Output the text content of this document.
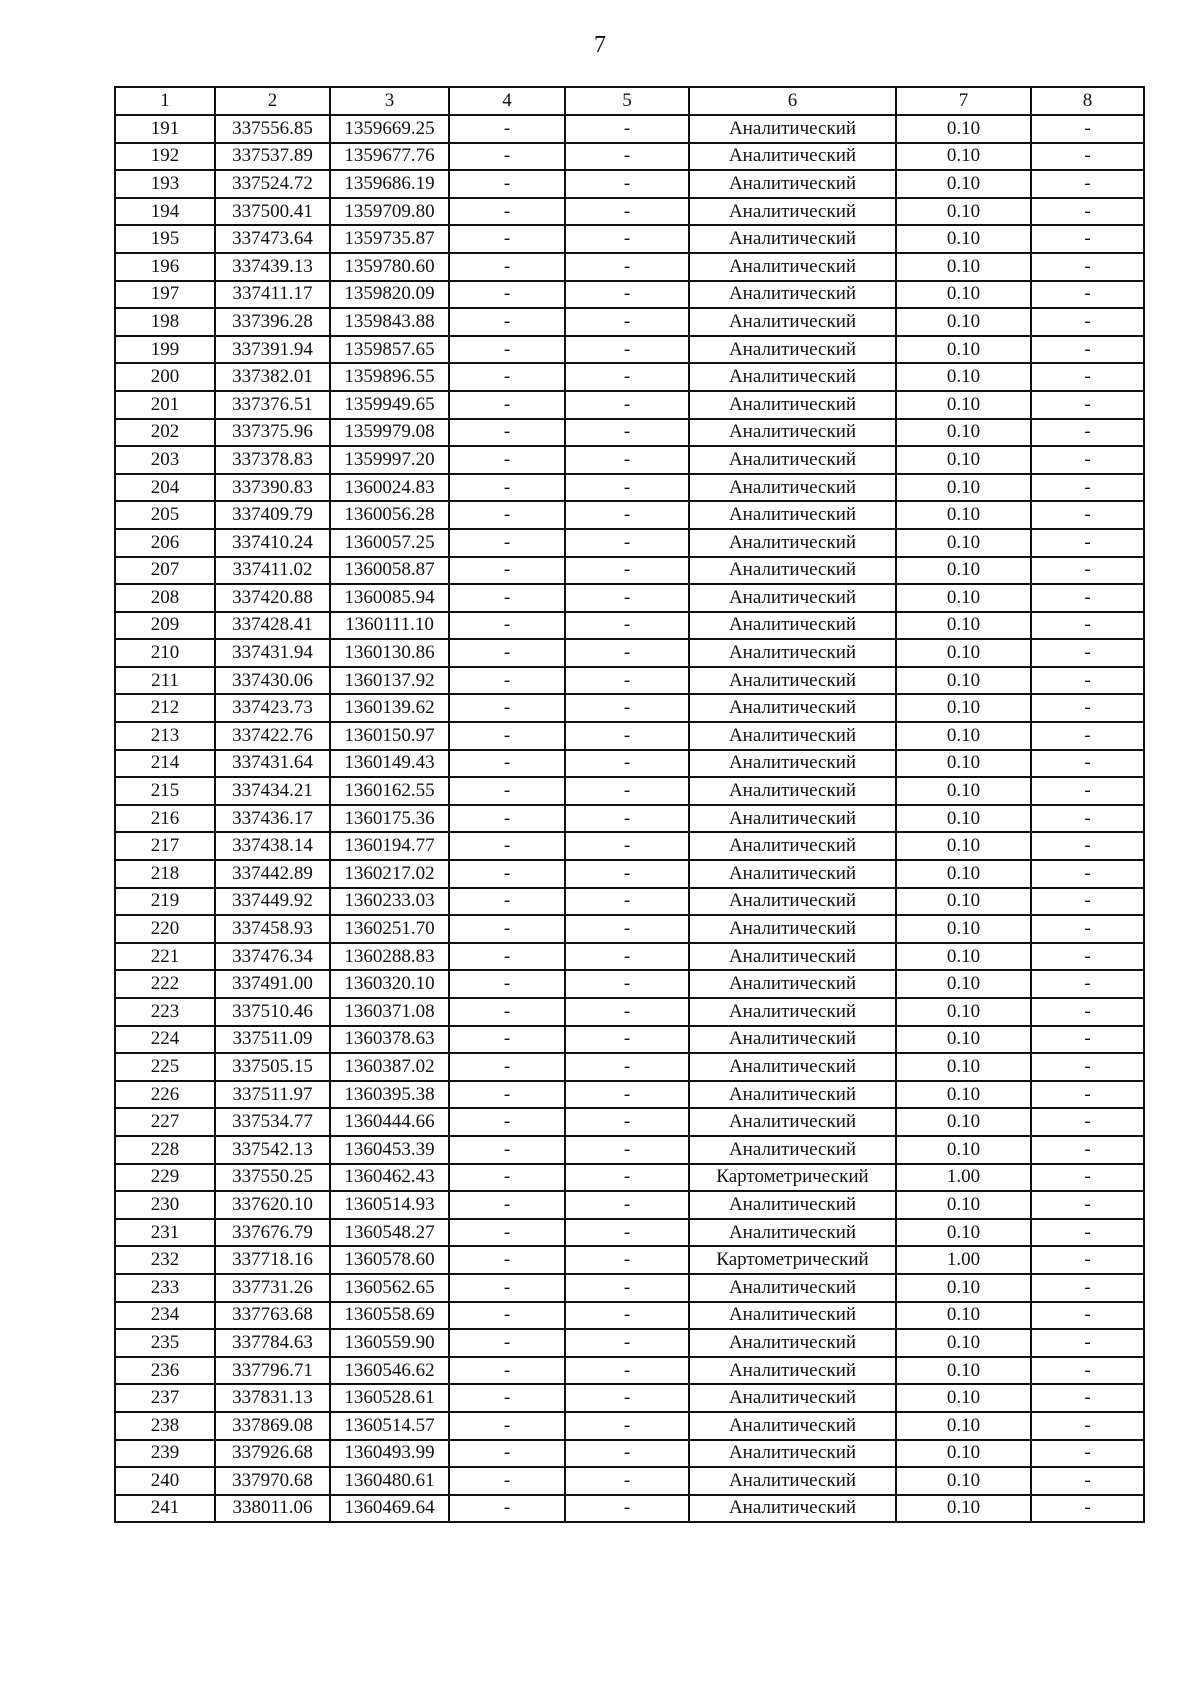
7
1	2	3	4	5	6	7	8
191	337556.85	1359669.25	-	-	Аналитический	0.10	-
192	337537.89	1359677.76	-	-	Аналитический	0.10	-
193	337524.72	1359686.19	-	-	Аналитический	0.10	-
194	337500.41	1359709.80	-	-	Аналитический	0.10	-
195	337473.64	1359735.87	-	-	Аналитический	0.10	-
196	337439.13	1359780.60	-	-	Аналитический	0.10	-
197	337411.17	1359820.09	-	-	Аналитический	0.10	-
198	337396.28	1359843.88	-	-	Аналитический	0.10	-
199	337391.94	1359857.65	-	-	Аналитический	0.10	-
200	337382.01	1359896.55	-	-	Аналитический	0.10	-
201	337376.51	1359949.65	-	-	Аналитический	0.10	-
202	337375.96	1359979.08	-	-	Аналитический	0.10	-
203	337378.83	1359997.20	-	-	Аналитический	0.10	-
204	337390.83	1360024.83	-	-	Аналитический	0.10	-
205	337409.79	1360056.28	-	-	Аналитический	0.10	-
206	337410.24	1360057.25	-	-	Аналитический	0.10	-
207	337411.02	1360058.87	-	-	Аналитический	0.10	-
208	337420.88	1360085.94	-	-	Аналитический	0.10	-
209	337428.41	1360111.10	-	-	Аналитический	0.10	-
210	337431.94	1360130.86	-	-	Аналитический	0.10	-
211	337430.06	1360137.92	-	-	Аналитический	0.10	-
212	337423.73	1360139.62	-	-	Аналитический	0.10	-
213	337422.76	1360150.97	-	-	Аналитический	0.10	-
214	337431.64	1360149.43	-	-	Аналитический	0.10	-
215	337434.21	1360162.55	-	-	Аналитический	0.10	-
216	337436.17	1360175.36	-	-	Аналитический	0.10	-
217	337438.14	1360194.77	-	-	Аналитический	0.10	-
218	337442.89	1360217.02	-	-	Аналитический	0.10	-
219	337449.92	1360233.03	-	-	Аналитический	0.10	-
220	337458.93	1360251.70	-	-	Аналитический	0.10	-
221	337476.34	1360288.83	-	-	Аналитический	0.10	-
222	337491.00	1360320.10	-	-	Аналитический	0.10	-
223	337510.46	1360371.08	-	-	Аналитический	0.10	-
224	337511.09	1360378.63	-	-	Аналитический	0.10	-
225	337505.15	1360387.02	-	-	Аналитический	0.10	-
226	337511.97	1360395.38	-	-	Аналитический	0.10	-
227	337534.77	1360444.66	-	-	Аналитический	0.10	-
228	337542.13	1360453.39	-	-	Аналитический	0.10	-
229	337550.25	1360462.43	-	-	Картометрический	1.00	-
230	337620.10	1360514.93	-	-	Аналитический	0.10	-
231	337676.79	1360548.27	-	-	Аналитический	0.10	-
232	337718.16	1360578.60	-	-	Картометрический	1.00	-
233	337731.26	1360562.65	-	-	Аналитический	0.10	-
234	337763.68	1360558.69	-	-	Аналитический	0.10	-
235	337784.63	1360559.90	-	-	Аналитический	0.10	-
236	337796.71	1360546.62	-	-	Аналитический	0.10	-
237	337831.13	1360528.61	-	-	Аналитический	0.10	-
238	337869.08	1360514.57	-	-	Аналитический	0.10	-
239	337926.68	1360493.99	-	-	Аналитический	0.10	-
240	337970.68	1360480.61	-	-	Аналитический	0.10	-
241	338011.06	1360469.64	-	-	Аналитический	0.10	-
